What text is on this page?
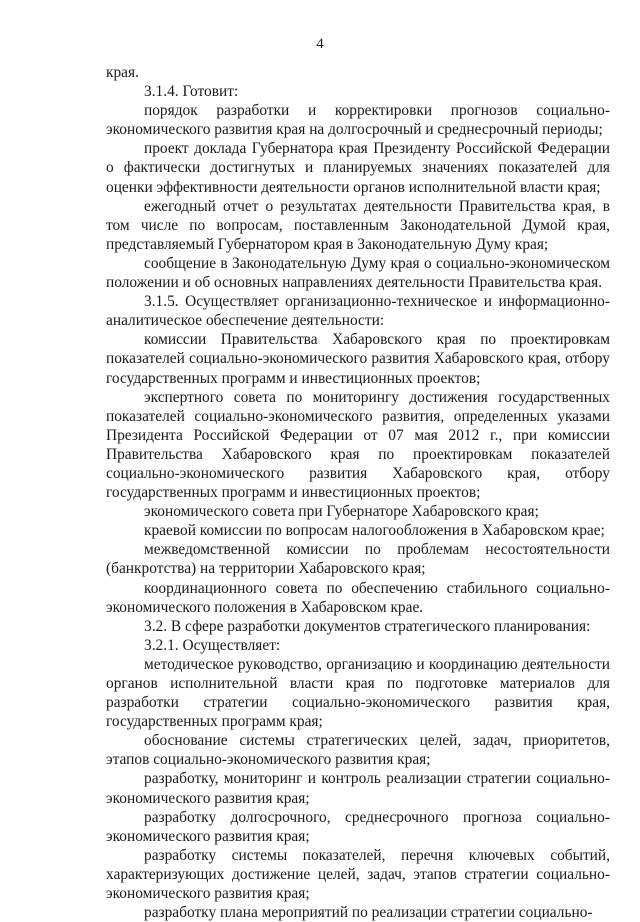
4

края.

3.1.4. Готовит:

порядок разработки и корректировки прогнозов социально-экономического развития края на долгосрочный и среднесрочный периоды;

проект доклада Губернатора края Президенту Российской Федерации о фактически достигнутых и планируемых значениях показателей для оценки эффективности деятельности органов исполнительной власти края;

ежегодный отчет о результатах деятельности Правительства края, в том числе по вопросам, поставленным Законодательной Думой края, представляемый Губернатором края в Законодательную Думу края;

сообщение в Законодательную Думу края о социально-экономическом положении и об основных направлениях деятельности Правительства края.

3.1.5. Осуществляет организационно-техническое и информационно-аналитическое обеспечение деятельности:

комиссии Правительства Хабаровского края по проектировкам показателей социально-экономического развития Хабаровского края, отбору государственных программ и инвестиционных проектов;

экспертного совета по мониторингу достижения государственных показателей социально-экономического развития, определенных указами Президента Российской Федерации от 07 мая 2012 г., при комиссии Правительства Хабаровского края по проектировкам показателей социально-экономического развития Хабаровского края, отбору государственных программ и инвестиционных проектов;

экономического совета при Губернаторе Хабаровского края;

краевой комиссии по вопросам налогообложения в Хабаровском крае;

межведомственной комиссии по проблемам несостоятельности (банкротства) на территории Хабаровского края;

координационного совета по обеспечению стабильного социально-экономического положения в Хабаровском крае.

3.2. В сфере разработки документов стратегического планирования:

3.2.1. Осуществляет:

методическое руководство, организацию и координацию деятельности органов исполнительной власти края по подготовке материалов для разработки стратегии социально-экономического развития края, государственных программ края;

обоснование системы стратегических целей, задач, приоритетов, этапов социально-экономического развития края;

разработку, мониторинг и контроль реализации стратегии социально-экономического развития края;

разработку долгосрочного, среднесрочного прогноза социально-экономического развития края;

разработку системы показателей, перечня ключевых событий, характеризующих достижение целей, задач, этапов стратегии социально-экономического развития края;

разработку плана мероприятий по реализации стратегии социально-
